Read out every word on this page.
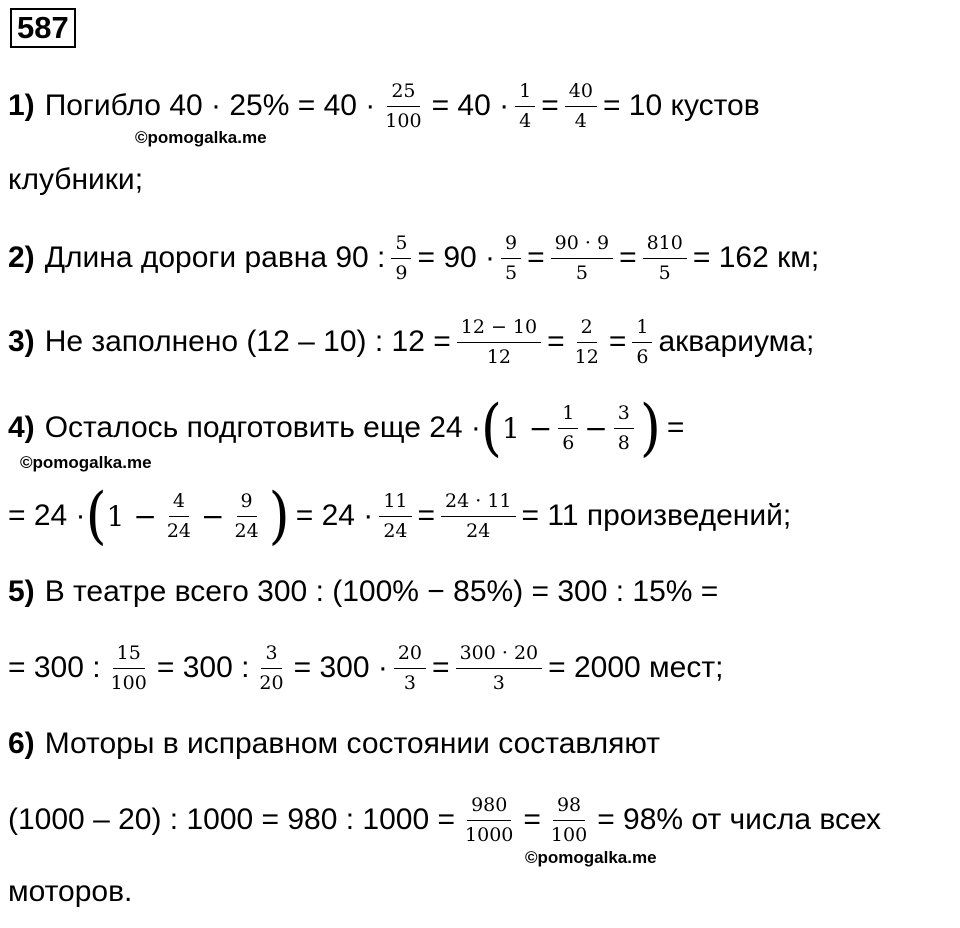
587
1) Погибло $40 \cdot 25\% = 40 \cdot \frac{25}{100} = 40 \cdot \frac{1}{4} = \frac{40}{4} = 10$ кустов
©pomogalka.me
клубники;
2) Длина дороги равна 90 : $\frac{5}{9} = 90 \cdot \frac{9}{5} = \frac{90 \cdot 9}{5} = \frac{810}{5} = 162$ км;
3) Не заполнено (12 – 10) : $12 = \frac{12 - 10}{12} = \frac{2}{12} = \frac{1}{6}$ аквариума;
4) Осталось подготовить еще 24 · ( $1 - \frac{1}{6} - \frac{3}{8}$ ) =
©pomogalka.me
= 24 · ( $1 - \frac{4}{24} - \frac{9}{24}$ ) = $24 \cdot \frac{11}{24} = \frac{24 \cdot 11}{24} = 11$ произведений;
5) В театре всего 300 : (100% − 85%) = 300 : 15% =
= 300 : $\frac{15}{100} = 300$ : $\frac{3}{20} = 300 \cdot \frac{20}{3} = \frac{300 \cdot 20}{3} = 2000$ мест;
6) Моторы в исправном состоянии составляют
(1000 – 20) : 1000 = 980 : $1000 = \frac{980}{1000} = \frac{98}{100} = 98\%$ от числа всех
©pomogalka.me
моторов.
